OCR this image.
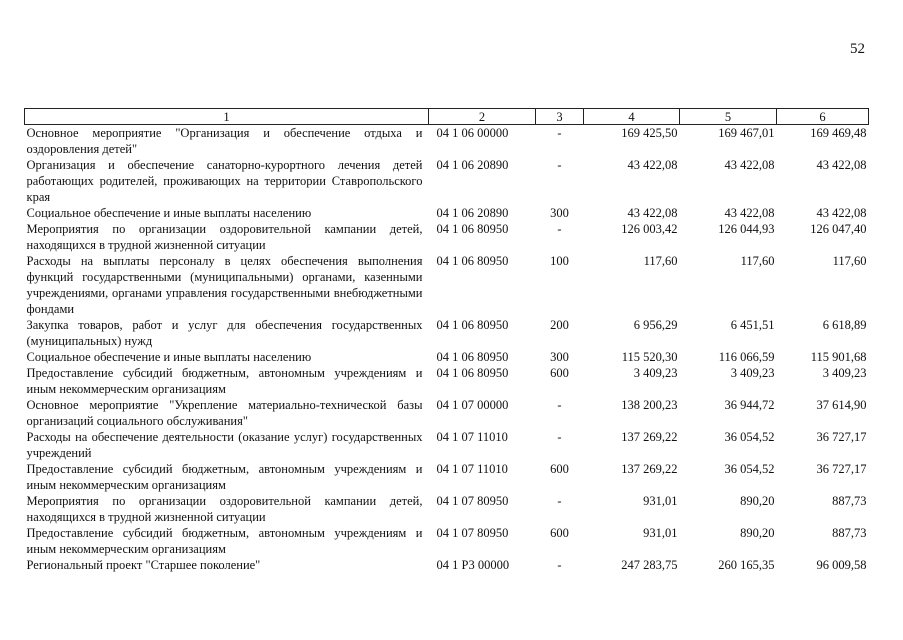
52
1	2	3	4	5	6
Основное мероприятие "Организация и обеспечение отдыха и оздоровления детей"	04 1 06 00000	-	169 425,50	169 467,01	169 469,48
Организация и обеспечение санаторно-курортного лечения детей работающих родителей, проживающих на территории Ставропольского края	04 1 06 20890	-	43 422,08	43 422,08	43 422,08
Социальное обеспечение и иные выплаты населению	04 1 06 20890	300	43 422,08	43 422,08	43 422,08
Мероприятия по организации оздоровительной кампании детей, находящихся в трудной жизненной ситуации	04 1 06 80950	-	126 003,42	126 044,93	126 047,40
Расходы на выплаты персоналу в целях обеспечения выполнения функций государственными (муниципальными) органами, казенными учреждениями, органами управления государственными внебюджетными фондами	04 1 06 80950	100	117,60	117,60	117,60
Закупка товаров, работ и услуг для обеспечения государственных (муниципальных) нужд	04 1 06 80950	200	6 956,29	6 451,51	6 618,89
Социальное обеспечение и иные выплаты населению	04 1 06 80950	300	115 520,30	116 066,59	115 901,68
Предоставление субсидий бюджетным, автономным учреждениям и иным некоммерческим организациям	04 1 06 80950	600	3 409,23	3 409,23	3 409,23
Основное мероприятие "Укрепление материально-технической базы организаций социального обслуживания"	04 1 07 00000	-	138 200,23	36 944,72	37 614,90
Расходы на обеспечение деятельности (оказание услуг) государственных учреждений	04 1 07 11010	-	137 269,22	36 054,52	36 727,17
Предоставление субсидий бюджетным, автономным учреждениям и иным некоммерческим организациям	04 1 07 11010	600	137 269,22	36 054,52	36 727,17
Мероприятия по организации оздоровительной кампании детей, находящихся в трудной жизненной ситуации	04 1 07 80950	-	931,01	890,20	887,73
Предоставление субсидий бюджетным, автономным учреждениям и иным некоммерческим организациям	04 1 07 80950	600	931,01	890,20	887,73
Региональный проект "Старшее поколение"	04 1 P3 00000	-	247 283,75	260 165,35	96 009,58
